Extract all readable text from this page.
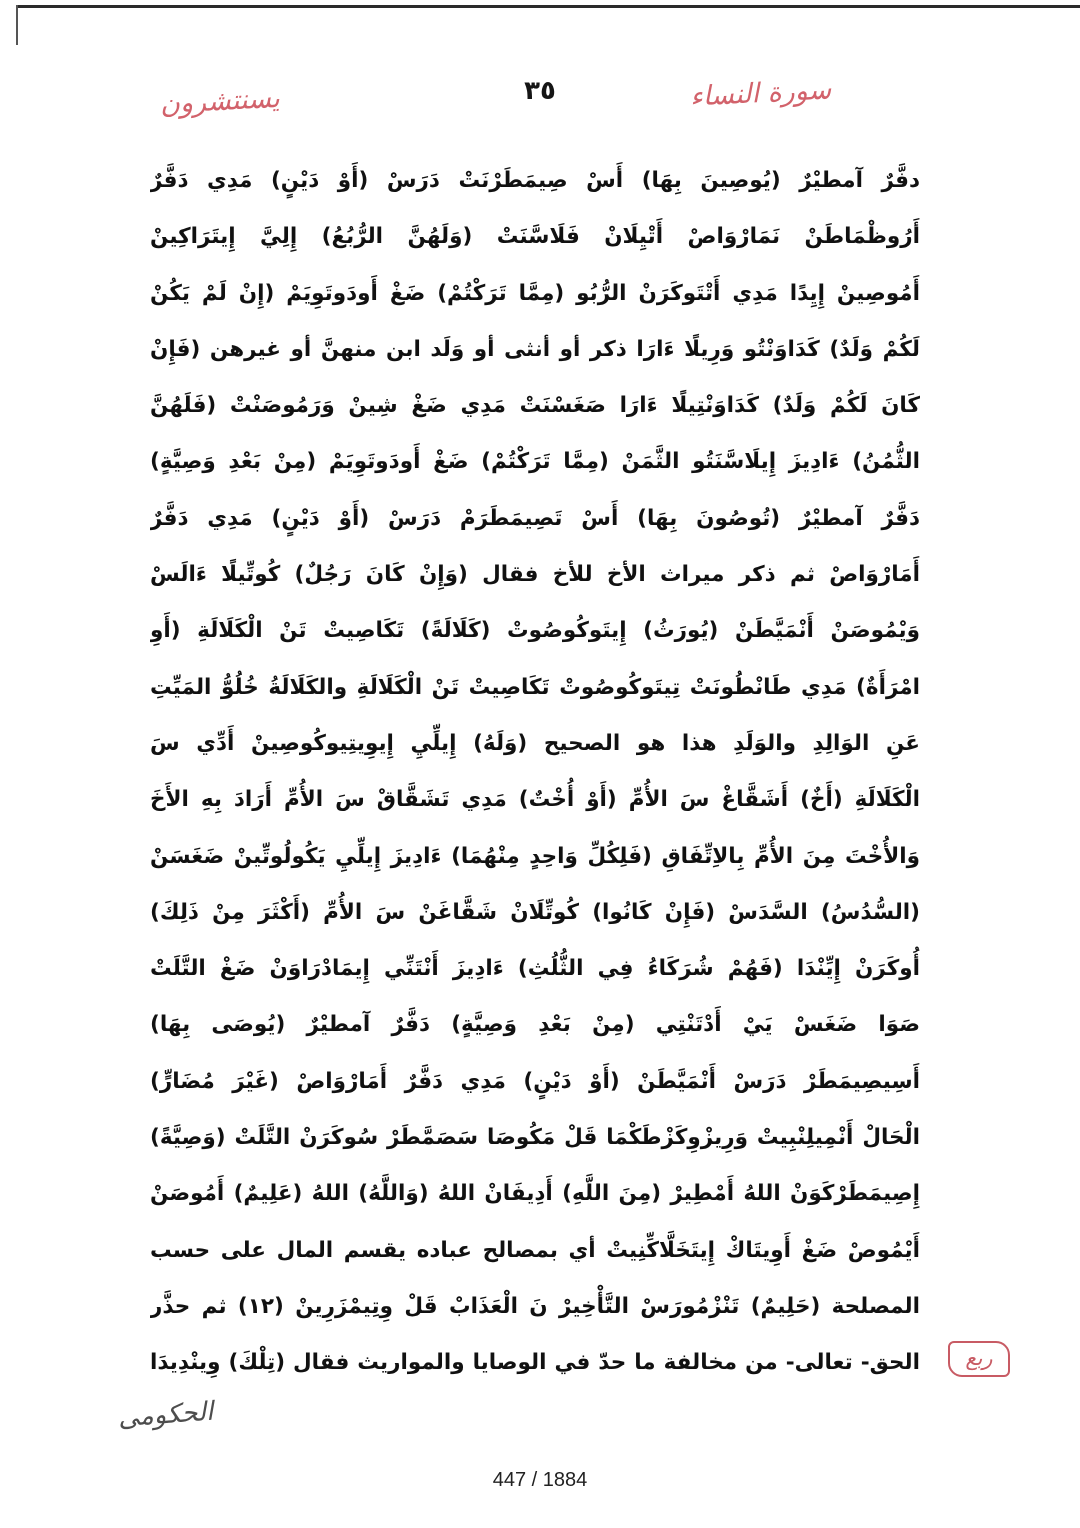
سورة النساء
٣٥
يسنتشرون
دفَّرٌ آمطيْرٌ (يُوصِينَ بِهَا) أَسْ صِيمَطَرْنَتْ دَرَسْ (أَوْ دَيْنٍ) مَدِي دَفَّرٌ
أَرُوظْمَاطَنْ نَمَارْوَاصْ أَتْيِلَانْ فَلَاسَّنَتْ (وَلَهُنَّ الرُّبُعُ) إِلِيَّ إِيتَرَاكِينْ
أَمُوصِينْ إِيِدًا مَدِي أَتْتَوكَرَنْ الرُّبُو (مِمَّا تَرَكْتُمْ) ضَغْ أَودَوتَوِيَمْ (إِنْ لَمْ يَكُنْ
لَكُمْ وَلَدٌ) كَدَاوَنْتُو وَرِيلًا ءَارَا ذكر أو أنثى أو وَلَد ابن منهنَّ أو غيرهن (فَإِنْ
كَانَ لَكُمْ وَلَدٌ) كَدَاوَنْتِيلًا ءَارَا صَغَسْنَتْ مَدِي ضَغْ شِينْ وَرَمُوصَنْتْ (فَلَهُنَّ
الثُّمُنُ) ءَادِيزَ إِيلَاسَّنَتُو الثَّمَنْ (مِمَّا تَرَكْتُمْ) ضَغْ أَودَوتَوِيَمْ (مِنْ بَعْدِ وَصِيَّةٍ)
دَفَّرٌ آمطيْرٌ (تُوصُونَ بِهَا) أَسْ تَصِيمَطَرَمْ دَرَسْ (أَوْ دَيْنٍ) مَدِي دَفَّرٌ
أَمَارْوَاصْ ثم ذكر ميراث الأخ للأخ فقال (وَإِنْ كَانَ رَجُلٌ) كُوتِّيلًا ءَالَسْ
وَيْمُوصَنْ أَنْمَيَّطَنْ (يُورَثُ) إِيتَوكُوصُوتْ (كَلَالَةً) تَكَاصِيتْ تَنْ الْكَلَالَةِ (أَوِ
امْرَأَةٌ) مَدِي طَانْطُونَتْ تِيتَوكُوصُوتْ تَكَاصِيتْ تَنْ الْكَلَالَةِ والكَلَالَةُ خُلُوُّ المَيِّتِ
عَنِ الوَالِدِ والوَلَدِ هذا هو الصحيح (وَلَهُ) إِيلِّيِ إِيوِيتِيوكُوصِينْ أَدِّي سَ
الْكَلَالَةِ (أَخٌ) أَشَقَّاغْ سَ الأُمِّ (أَوْ أُخْتٌ) مَدِي تَشَقَّاقْ سَ الأُمِّ أَرَادَ بِهِ الأَخَ
وَالأُخْتَ مِنَ الأُمِّ بِالاِتِّفَاقِ (فَلِكُلِّ وَاحِدٍ مِنْهُمَا) ءَادِيزَ إِيلِّيِ يَكُولُوتِّينْ ضَغَسَنْ
(السُّدُسُ) السَّدَسْ (فَإِنْ كَانُوا) كُوتِّلَانْ شَقَّاغَنْ سَ الأُمِّ (أَكْثَرَ مِنْ ذَلِكَ)
أُوكَرَنْ إِيِّنْدَا (فَهُمْ شُرَكَاءُ فِي الثُّلُثِ) ءَادِيزَ أَنْتَنِّي إِيمَادْرَاوَنْ ضَغْ التَّلَتْ
صَوَا ضَغَسْ يَيْ أَدْتَنْتِي (مِنْ بَعْدِ وَصِيَّةٍ) دَفَّرٌ آمطيْرٌ (يُوصَى بِهَا)
أَسِيصِيمَطَرْ دَرَسْ أَنْمَيَّطَنْ (أَوْ دَيْنٍ) مَدِي دَفَّرٌ أَمَارْوَاصْ (غَيْرَ مُضَارٍّ)
الْحَالْ أَنْمِيلِنْبِيتْ وَرِيزْوِكَزْطَكْمَا قَلْ مَكُوصَا سَصَمَّطَرْ سُوكَرَنْ التَّلَتْ (وَصِيَّةً)
إِصِيمَطَرْكَوَنْ اللهُ أَمْطِيرْ (مِنَ اللَّهِ) أَدِيفَانْ اللهُ (وَاللَّهُ) اللهُ (عَلِيمٌ) أَمُوصَنْ
أَيْمُوصْ ضَغْ أَوِيتَاكْ إِيتَخَلَّاكِّنِيتْ أي بمصالح عباده يقسم المال على حسب
المصلحة (حَلِيمٌ) تَنْزْمُورَسْ التَّأْخِيرْ نَ الْعَذَابْ قَلْ وِتِيمْزَرِينْ (١٢) ثم حذَّر
الحق- تعالى- من مخالفة ما حدّ في الوصايا والمواريث فقال (تِلْكَ) وِينْدِيدَا	ربع
الحكومى
447 / 1884
